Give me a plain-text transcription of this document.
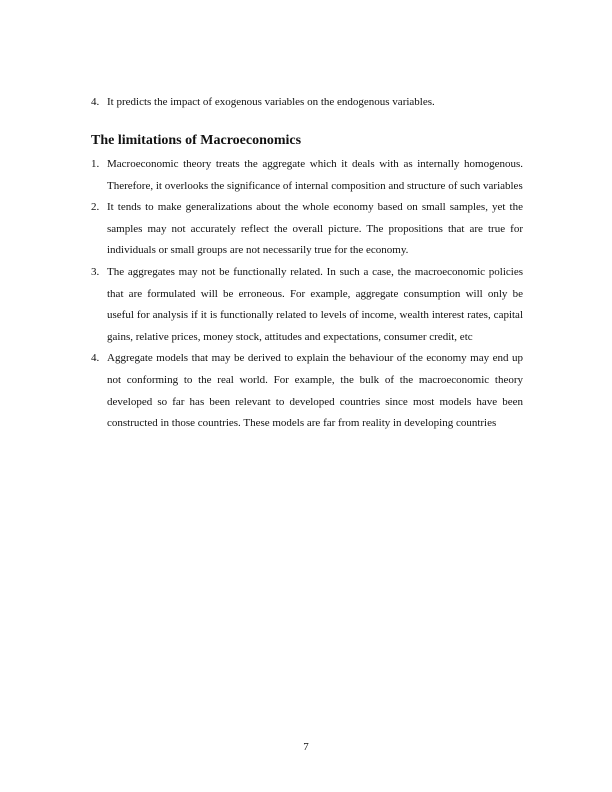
4. It predicts the impact of exogenous variables on the endogenous variables.
The limitations of Macroeconomics
1. Macroeconomic theory treats the aggregate which it deals with as internally homogenous. Therefore, it overlooks the significance of internal composition and structure of such variables
2. It tends to make generalizations about the whole economy based on small samples, yet the samples may not accurately reflect the overall picture. The propositions that are true for individuals or small groups are not necessarily true for the economy.
3. The aggregates may not be functionally related. In such a case, the macroeconomic policies that are formulated will be erroneous. For example, aggregate consumption will only be useful for analysis if it is functionally related to levels of income, wealth interest rates, capital gains, relative prices, money stock, attitudes and expectations, consumer credit, etc
4. Aggregate models that may be derived to explain the behaviour of the economy may end up not conforming to the real world. For example, the bulk of the macroeconomic theory developed so far has been relevant to developed countries since most models have been constructed in those countries. These models are far from reality in developing countries
7
